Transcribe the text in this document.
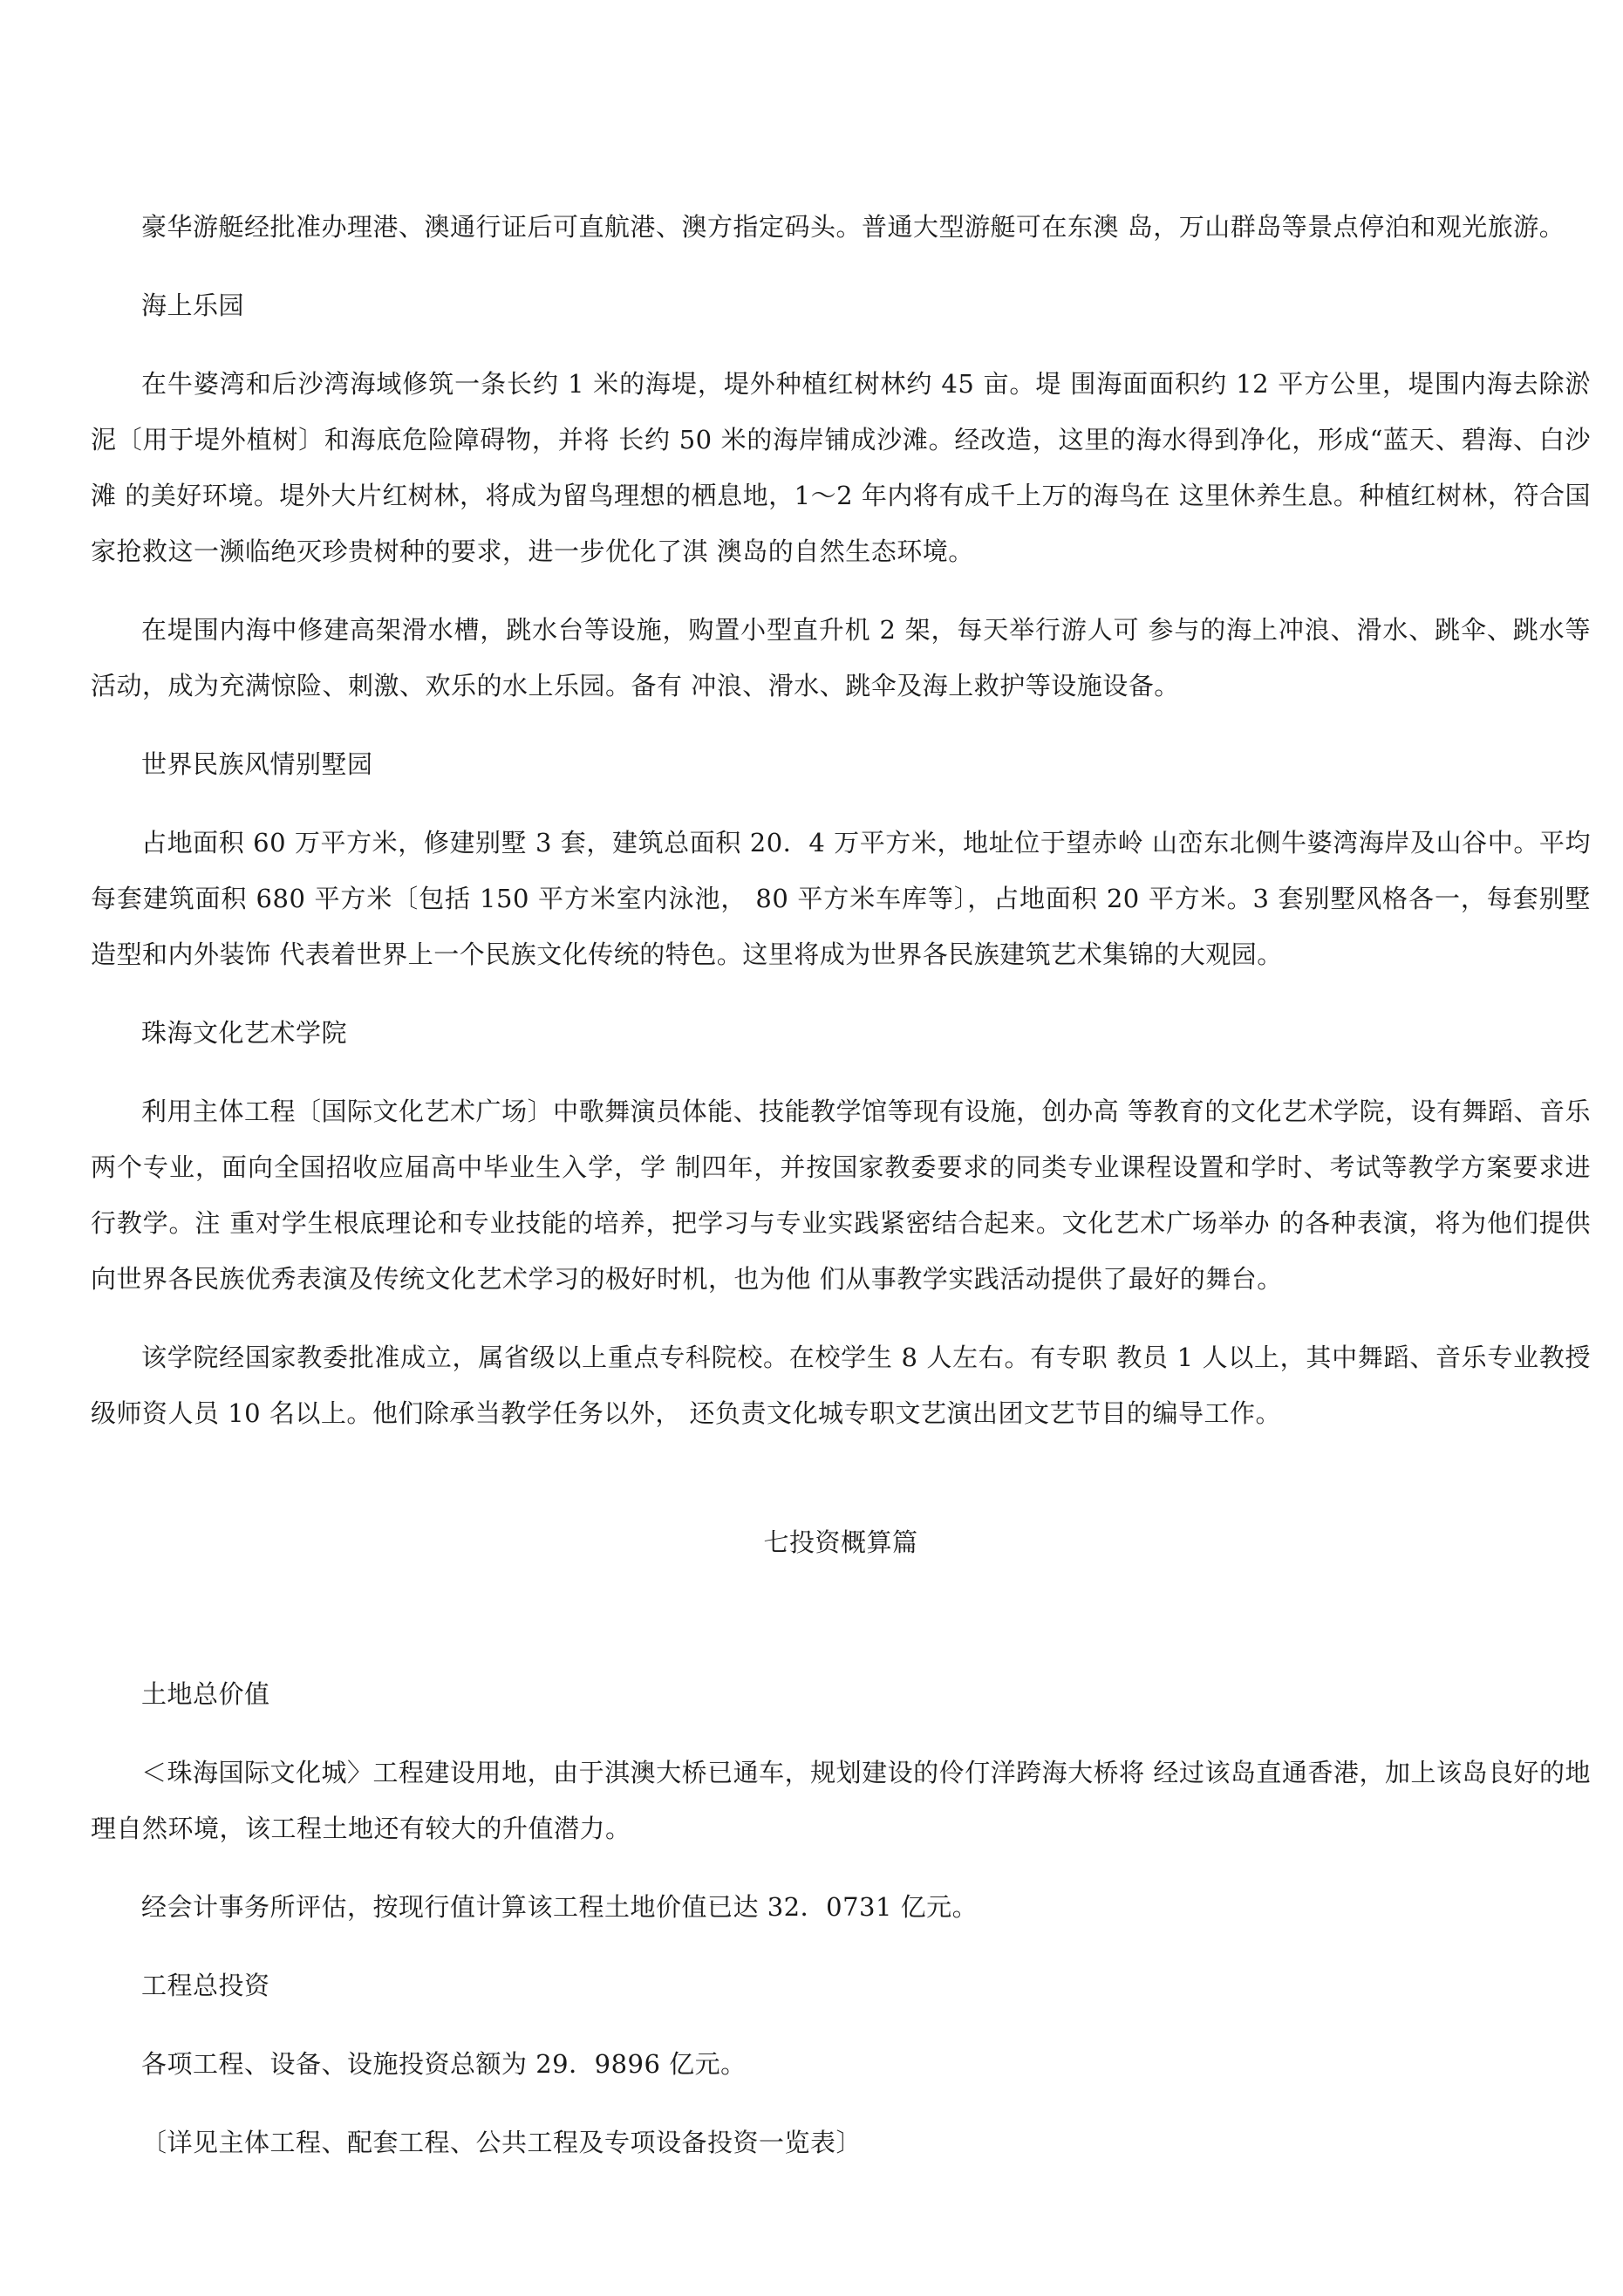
豪华游艇经批准办理港、澳通行证后可直航港、澳方指定码头。普通大型游艇可在东澳 岛，万山群岛等景点停泊和观光旅游。

海上乐园

在牛婆湾和后沙湾海域修筑一条长约 1 米的海堤，堤外种植红树林约 45 亩。堤 围海面面积约 12 平方公里，堤围内海去除淤泥〔用于堤外植树〕和海底危险障碍物，并将 长约 50 米的海岸铺成沙滩。经改造，这里的海水得到净化，形成“蓝天、碧海、白沙滩 的美好环境。堤外大片红树林，将成为留鸟理想的栖息地，1〜2 年内将有成千上万的海鸟在 这里休养生息。种植红树林，符合国家抢救这一濒临绝灭珍贵树种的要求，进一步优化了淇 澳岛的自然生态环境。

在堤围内海中修建高架滑水槽，跳水台等设施，购置小型直升机 2 架，每天举行游人可 参与的海上冲浪、滑水、跳伞、跳水等活动，成为充满惊险、刺激、欢乐的水上乐园。备有 冲浪、滑水、跳伞及海上救护等设施设备。

世界民族风情别墅园

占地面积 60 万平方米，修建别墅 3 套，建筑总面积 20．4 万平方米，地址位于望赤岭 山峦东北侧牛婆湾海岸及山谷中。平均每套建筑面积 680 平方米〔包括 150 平方米室内泳池， 80 平方米车库等〕，占地面积 20 平方米。3 套别墅风格各一，每套别墅造型和内外装饰 代表着世界上一个民族文化传统的特色。这里将成为世界各民族建筑艺术集锦的大观园。

珠海文化艺术学院

利用主体工程〔国际文化艺术广场〕中歌舞演员体能、技能教学馆等现有设施，创办高 等教育的文化艺术学院，设有舞蹈、音乐两个专业，面向全国招收应届高中毕业生入学，学 制四年，并按国家教委要求的同类专业课程设置和学时、考试等教学方案要求进行教学。注 重对学生根底理论和专业技能的培养，把学习与专业实践紧密结合起来。文化艺术广场举办 的各种表演，将为他们提供向世界各民族优秀表演及传统文化艺术学习的极好时机，也为他 们从事教学实践活动提供了最好的舞台。

该学院经国家教委批准成立，属省级以上重点专科院校。在校学生 8 人左右。有专职 教员 1 人以上，其中舞蹈、音乐专业教授级师资人员 10 名以上。他们除承当教学任务以外， 还负责文化城专职文艺演出团文艺节目的编导工作。

七投资概算篇

土地总价值

＜珠海国际文化城〉工程建设用地，由于淇澳大桥已通车，规划建设的伶仃洋跨海大桥将 经过该岛直通香港，加上该岛良好的地理自然环境，该工程土地还有较大的升值潜力。

经会计事务所评估，按现行值计算该工程土地价值已达 32．0731 亿元。

工程总投资

各项工程、设备、设施投资总额为 29．9896 亿元。

〔详见主体工程、配套工程、公共工程及专项设备投资一览表〕
